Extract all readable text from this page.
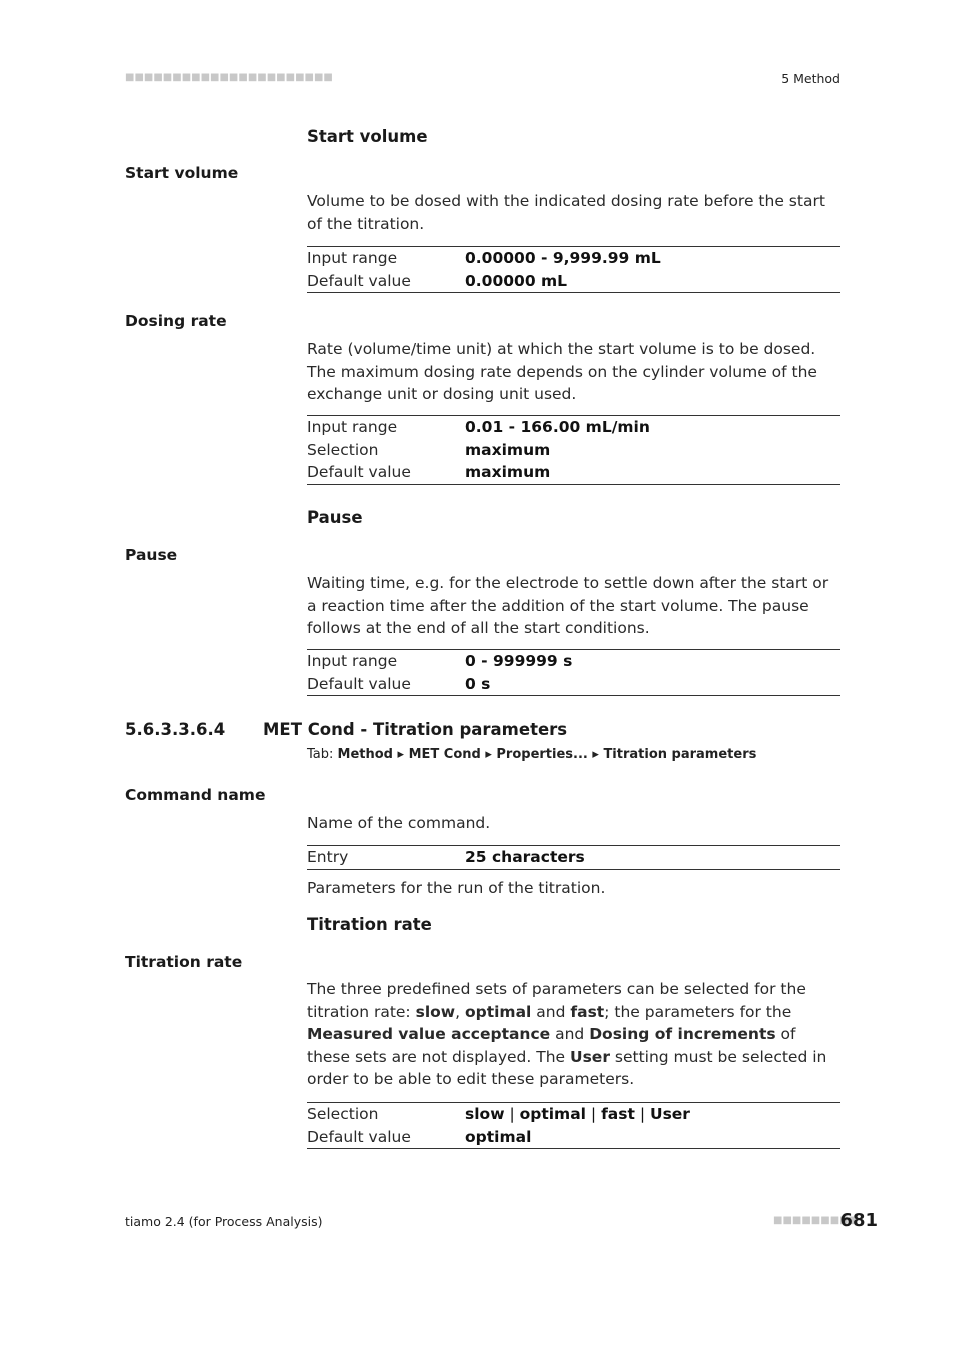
■■■■■■■■■■■■■■■■■■■■■■	5 Method
Start volume
Start volume
Volume to be dosed with the indicated dosing rate before the start of the titration.
Input range	0.00000 - 9,999.99 mL
Default value	0.00000 mL
Dosing rate
Rate (volume/time unit) at which the start volume is to be dosed. The maximum dosing rate depends on the cylinder volume of the exchange unit or dosing unit used.
Input range	0.01 - 166.00 mL/min
Selection	maximum
Default value	maximum
Pause
Pause
Waiting time, e.g. for the electrode to settle down after the start or a reaction time after the addition of the start volume. The pause follows at the end of all the start conditions.
Input range	0 - 999999 s
Default value	0 s
5.6.3.3.6.4 MET Cond - Titration parameters
Tab: Method ▸ MET Cond ▸ Properties... ▸ Titration parameters
Command name
Name of the command.
Entry	25 characters
Parameters for the run of the titration.
Titration rate
Titration rate
The three predefined sets of parameters can be selected for the titration rate: slow, optimal and fast; the parameters for the Measured value acceptance and Dosing of increments of these sets are not displayed. The User setting must be selected in order to be able to edit these parameters.
Selection	slow | optimal | fast | User
Default value	optimal
tiamo 2.4 (for Process Analysis)	■■■■■■■■■
681
